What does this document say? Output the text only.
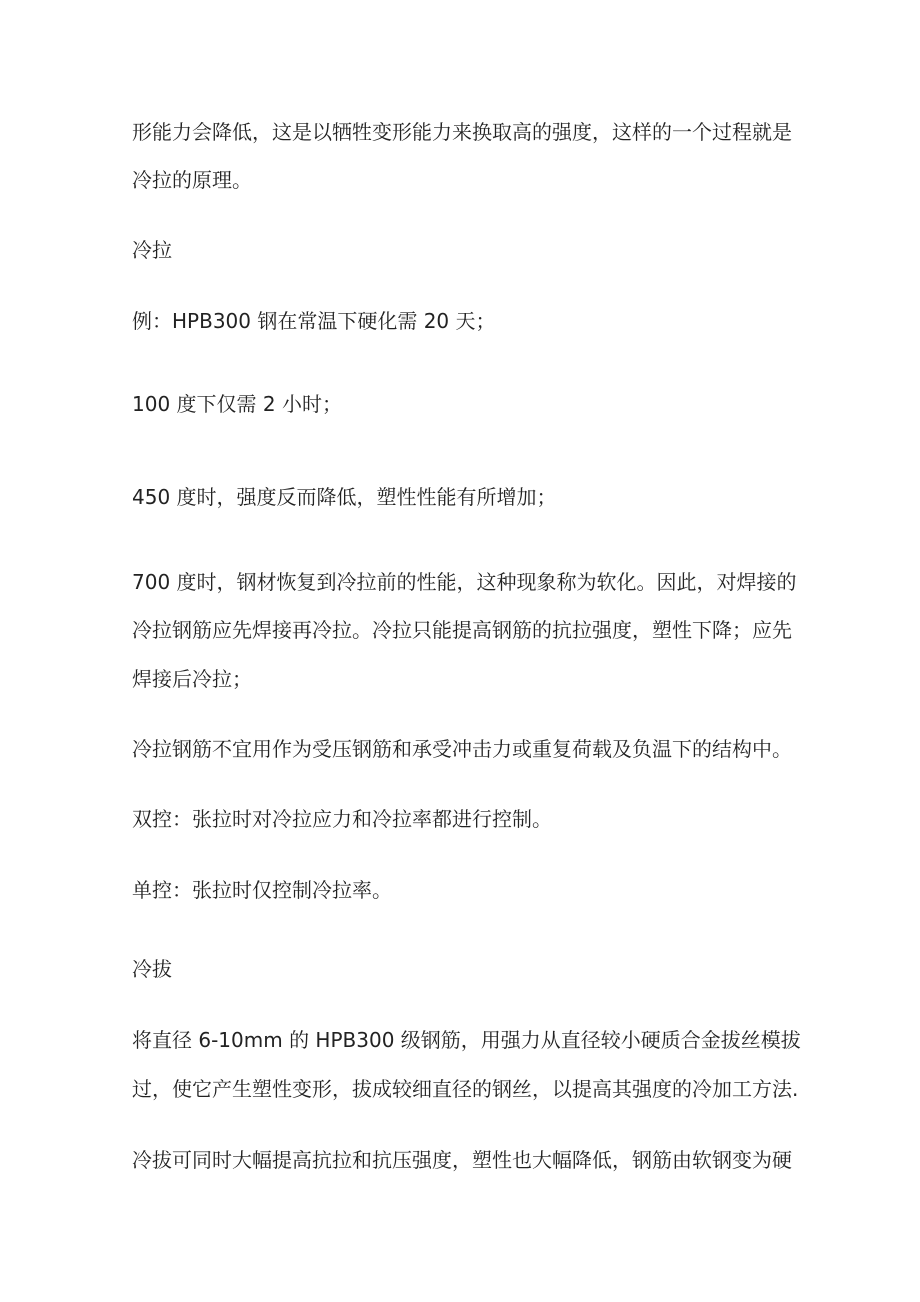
形能力会降低，这是以牺牲变形能力来换取高的强度，这样的一个过程就是
冷拉的原理。
冷拉
例：HPB300 钢在常温下硬化需 20 天；
100 度下仅需 2 小时；
450 度时，强度反而降低，塑性性能有所增加；
700 度时，钢材恢复到冷拉前的性能，这种现象称为软化。因此，对焊接的
冷拉钢筋应先焊接再冷拉。冷拉只能提高钢筋的抗拉强度，塑性下降；应先
焊接后冷拉；
冷拉钢筋不宜用作为受压钢筋和承受冲击力或重复荷载及负温下的结构中。
双控：张拉时对冷拉应力和冷拉率都进行控制。
单控：张拉时仅控制冷拉率。
冷拔
将直径 6-10mm 的 HPB300 级钢筋，用强力从直径较小硬质合金拔丝模拔
过，使它产生塑性变形，拔成较细直径的钢丝，以提高其强度的冷加工方法.
冷拔可同时大幅提高抗拉和抗压强度，塑性也大幅降低，钢筋由软钢变为硬
